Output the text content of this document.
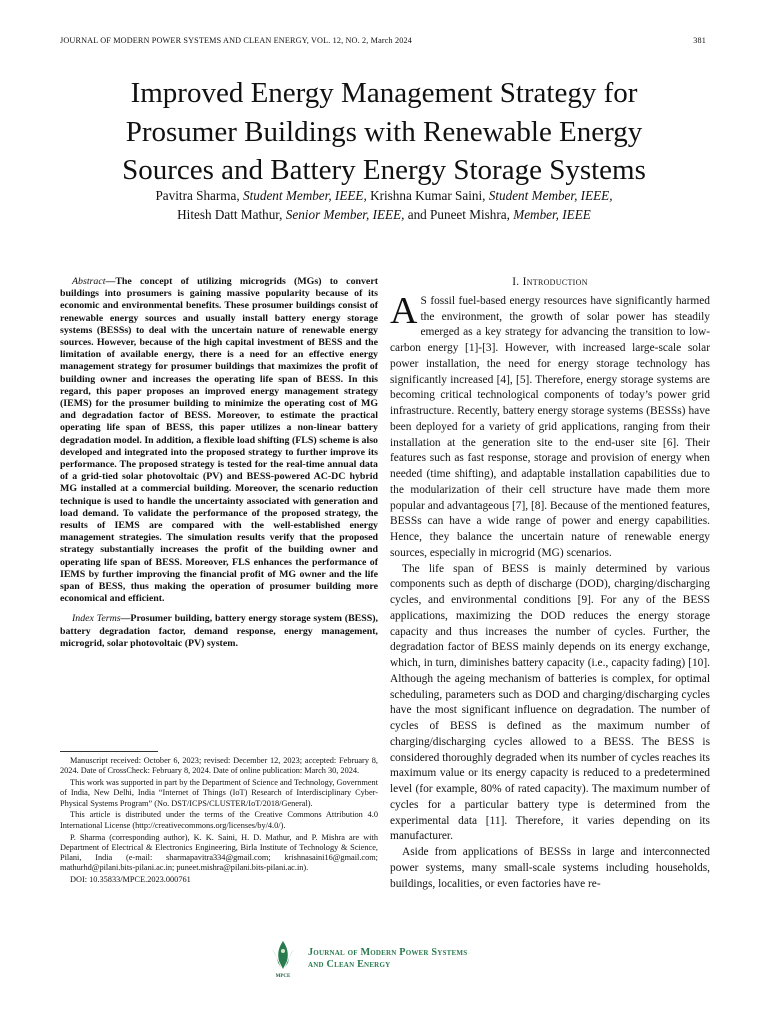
JOURNAL OF MODERN POWER SYSTEMS AND CLEAN ENERGY, VOL. 12, NO. 2, March 2024	381
Improved Energy Management Strategy for
Prosumer Buildings with Renewable Energy
Sources and Battery Energy Storage Systems
Pavitra Sharma, Student Member, IEEE, Krishna Kumar Saini, Student Member, IEEE,
Hitesh Datt Mathur, Senior Member, IEEE, and Puneet Mishra, Member, IEEE

Abstract—The concept of utilizing microgrids (MGs) to convert buildings into prosumers is gaining massive popularity because of its economic and environmental benefits. These prosumer buildings consist of renewable energy sources and usually install battery energy storage systems (BESSs) to deal with the uncertain nature of renewable energy sources. However, because of the high capital investment of BESS and the limitation of available energy, there is a need for an effective energy management strategy for prosumer buildings that maximizes the profit of building owner and increases the operating life span of BESS. In this regard, this paper proposes an improved energy management strategy (IEMS) for the prosumer building to minimize the operating cost of MG and degradation factor of BESS. Moreover, to estimate the practical operating life span of BESS, this paper utilizes a non-linear battery degradation model. In addition, a flexible load shifting (FLS) scheme is also developed and integrated into the proposed strategy to further improve its performance. The proposed strategy is tested for the real-time annual data of a grid-tied solar photovoltaic (PV) and BESS-powered AC-DC hybrid MG installed at a commercial building. Moreover, the scenario reduction technique is used to handle the uncertainty associated with generation and load demand. To validate the performance of the proposed strategy, the results of IEMS are compared with the well-established energy management strategies. The simulation results verify that the proposed strategy substantially increases the profit of the building owner and operating life span of BESS. Moreover, FLS enhances the performance of IEMS by further improving the financial profit of MG owner and the life span of BESS, thus making the operation of prosumer building more economical and efficient.

Index Terms—Prosumer building, battery energy storage system (BESS), battery degradation factor, demand response, energy management, microgrid, solar photovoltaic (PV) system.

Manuscript received: October 6, 2023; revised: December 12, 2023; accepted: February 8, 2024. Date of CrossCheck: February 8, 2024. Date of online publication: March 30, 2024.

This work was supported in part by the Department of Science and Technology, Government of India, New Delhi, India “Internet of Things (IoT) Research of Interdisciplinary Cyber-Physical Systems Program” (No. DST/ICPS/CLUSTER/IoT/2018/General).

This article is distributed under the terms of the Creative Commons Attribution 4.0 International License (http://creativecommons.org/licenses/by/4.0/).

P. Sharma (corresponding author), K. K. Saini, H. D. Mathur, and P. Mishra are with Department of Electrical & Electronics Engineering, Birla Institute of Technology & Science, Pilani, India (e-mail: sharmapavitra334@gmail.com; krishnasaini16@gmail.com; mathurhd@pilani.bits-pilani.ac.in; puneet.mishra@pilani.bits-pilani.ac.in).

DOI: 10.35833/MPCE.2023.000761

I. Introduction

A S fossil fuel-based energy resources have significantly harmed the environment, the growth of solar power has steadily emerged as a key strategy for advancing the transition to low-carbon energy [1]-[3]. However, with increased large-scale solar power installation, the need for energy storage technology has significantly increased [4], [5]. Therefore, energy storage systems are becoming critical technological components of today’s power grid infrastructure. Recently, battery energy storage systems (BESSs) have been deployed for a variety of grid applications, ranging from their installation at the generation site to the end-user site [6]. Their features such as fast response, storage and provision of energy when needed (time shifting), and adaptable installation capabilities due to the modularization of their cell structure have made them more popular and advantageous [7], [8]. Because of the mentioned features, BESSs can have a wide range of power and energy capabilities. Hence, they balance the uncertain nature of renewable energy sources, especially in microgrid (MG) scenarios.

The life span of BESS is mainly determined by various components such as depth of discharge (DOD), charging/discharging cycles, and environmental conditions [9]. For any of the BESS applications, maximizing the DOD reduces the energy storage capacity and thus increases the number of cycles. Further, the degradation factor of BESS mainly depends on its energy exchange, which, in turn, diminishes battery capacity (i.e., capacity fading) [10]. Although the ageing mechanism of batteries is complex, for optimal scheduling, parameters such as DOD and charging/discharging cycles have the most significant influence on degradation. The number of cycles of BESS is defined as the maximum number of charging/discharging cycles allowed to a BESS. The BESS is considered thoroughly degraded when its number of cycles reaches its maximum value or its energy capacity is reduced to a predetermined level (for example, 80% of rated capacity). The maximum number of cycles for a particular battery type is determined from the experimental data [11]. Therefore, it varies depending on its manufacturer.

Aside from applications of BESSs in large and interconnected power systems, many small-scale systems including households, buildings, localities, or even factories have re-

MPCE
Journal of Modern Power Systems
and Clean Energy
